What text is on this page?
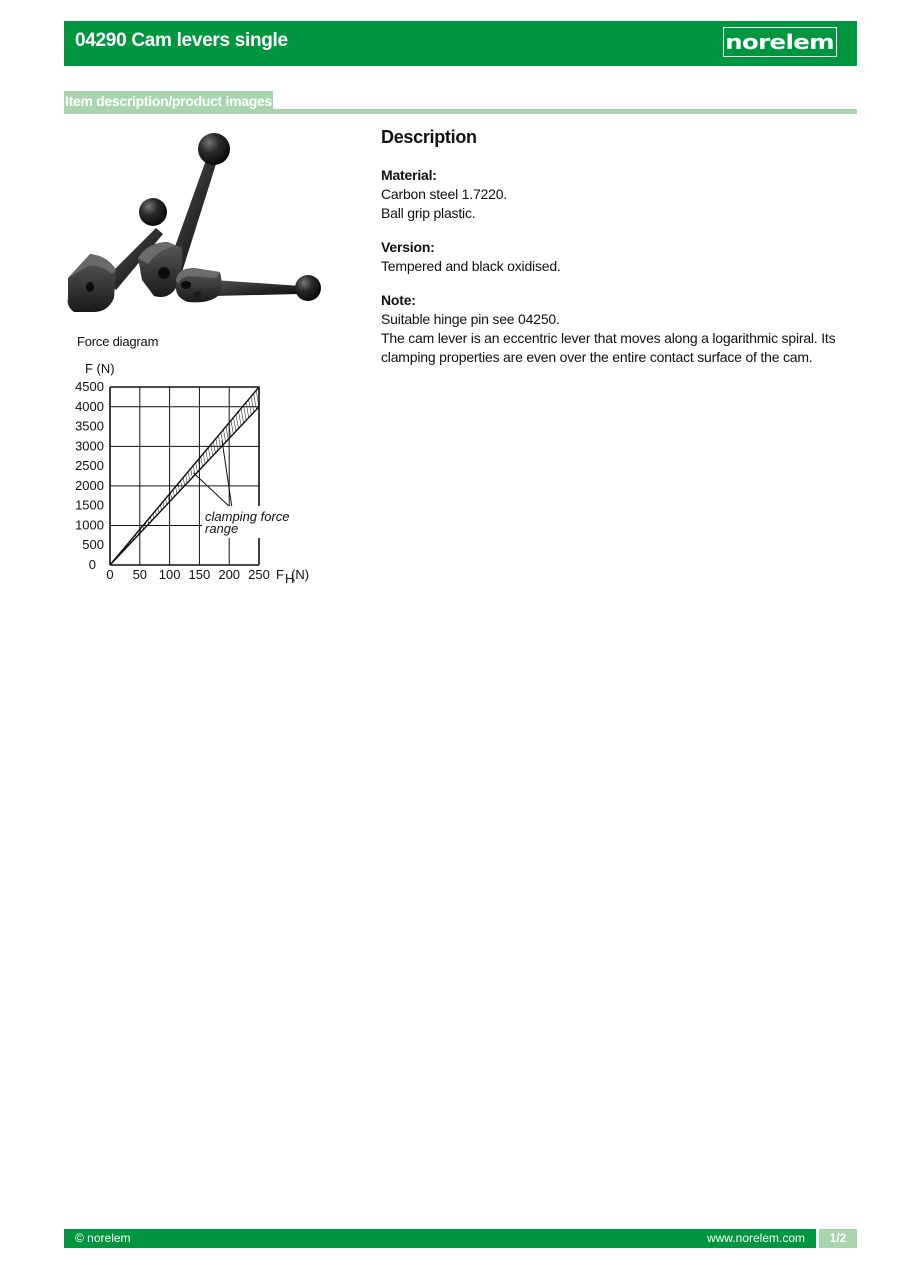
04290 Cam levers single	norelem
Item description/product images
Force diagram
0 50 100 150 200 250
0
500
1000
1500
2000
2500
3000
3500
4000
4500
clamping force
range
F (N)
F H
(N)
Description
Material:
Carbon steel 1.7220.
Ball grip plastic.
Version:
Tempered and black oxidised.
Note:
Suitable hinge pin see 04250.
The cam lever is an eccentric lever that moves along a logarithmic spiral. Its clamping properties are even over the entire contact surface of the cam.
© norelem	www.norelem.com	1/2
